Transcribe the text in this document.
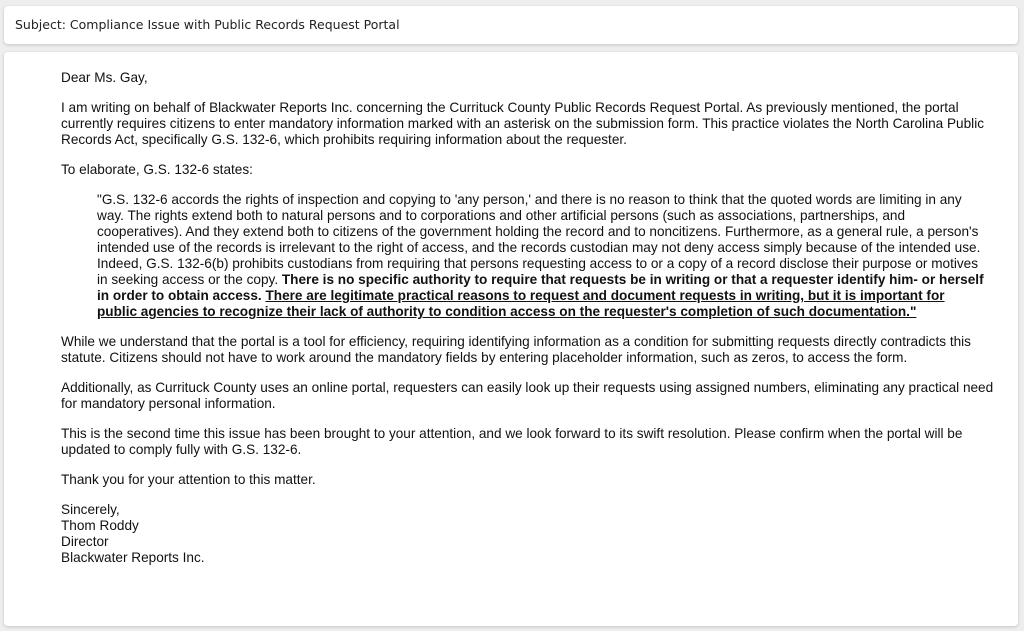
Subject: Compliance Issue with Public Records Request Portal

Dear Ms. Gay,

I am writing on behalf of Blackwater Reports Inc. concerning the Currituck County Public Records Request Portal. As previously mentioned, the portal currently requires citizens to enter mandatory information marked with an asterisk on the submission form. This practice violates the North Carolina Public Records Act, specifically G.S. 132-6, which prohibits requiring information about the requester.

To elaborate, G.S. 132-6 states:

"G.S. 132-6 accords the rights of inspection and copying to 'any person,' and there is no reason to think that the quoted words are limiting in any way. The rights extend both to natural persons and to corporations and other artificial persons (such as associations, partnerships, and cooperatives). And they extend both to citizens of the government holding the record and to noncitizens. Furthermore, as a general rule, a person's intended use of the records is irrelevant to the right of access, and the records custodian may not deny access simply because of the intended use. Indeed, G.S. 132-6(b) prohibits custodians from requiring that persons requesting access to or a copy of a record disclose their purpose or motives in seeking access or the copy. There is no specific authority to require that requests be in writing or that a requester identify him- or herself in order to obtain access. There are legitimate practical reasons to request and document requests in writing, but it is important for public agencies to recognize their lack of authority to condition access on the requester's completion of such documentation."

While we understand that the portal is a tool for efficiency, requiring identifying information as a condition for submitting requests directly contradicts this statute. Citizens should not have to work around the mandatory fields by entering placeholder information, such as zeros, to access the form.

Additionally, as Currituck County uses an online portal, requesters can easily look up their requests using assigned numbers, eliminating any practical need for mandatory personal information.

This is the second time this issue has been brought to your attention, and we look forward to its swift resolution. Please confirm when the portal will be updated to comply fully with G.S. 132-6.

Thank you for your attention to this matter.

Sincerely,

Thom Roddy

Director

Blackwater Reports Inc.
